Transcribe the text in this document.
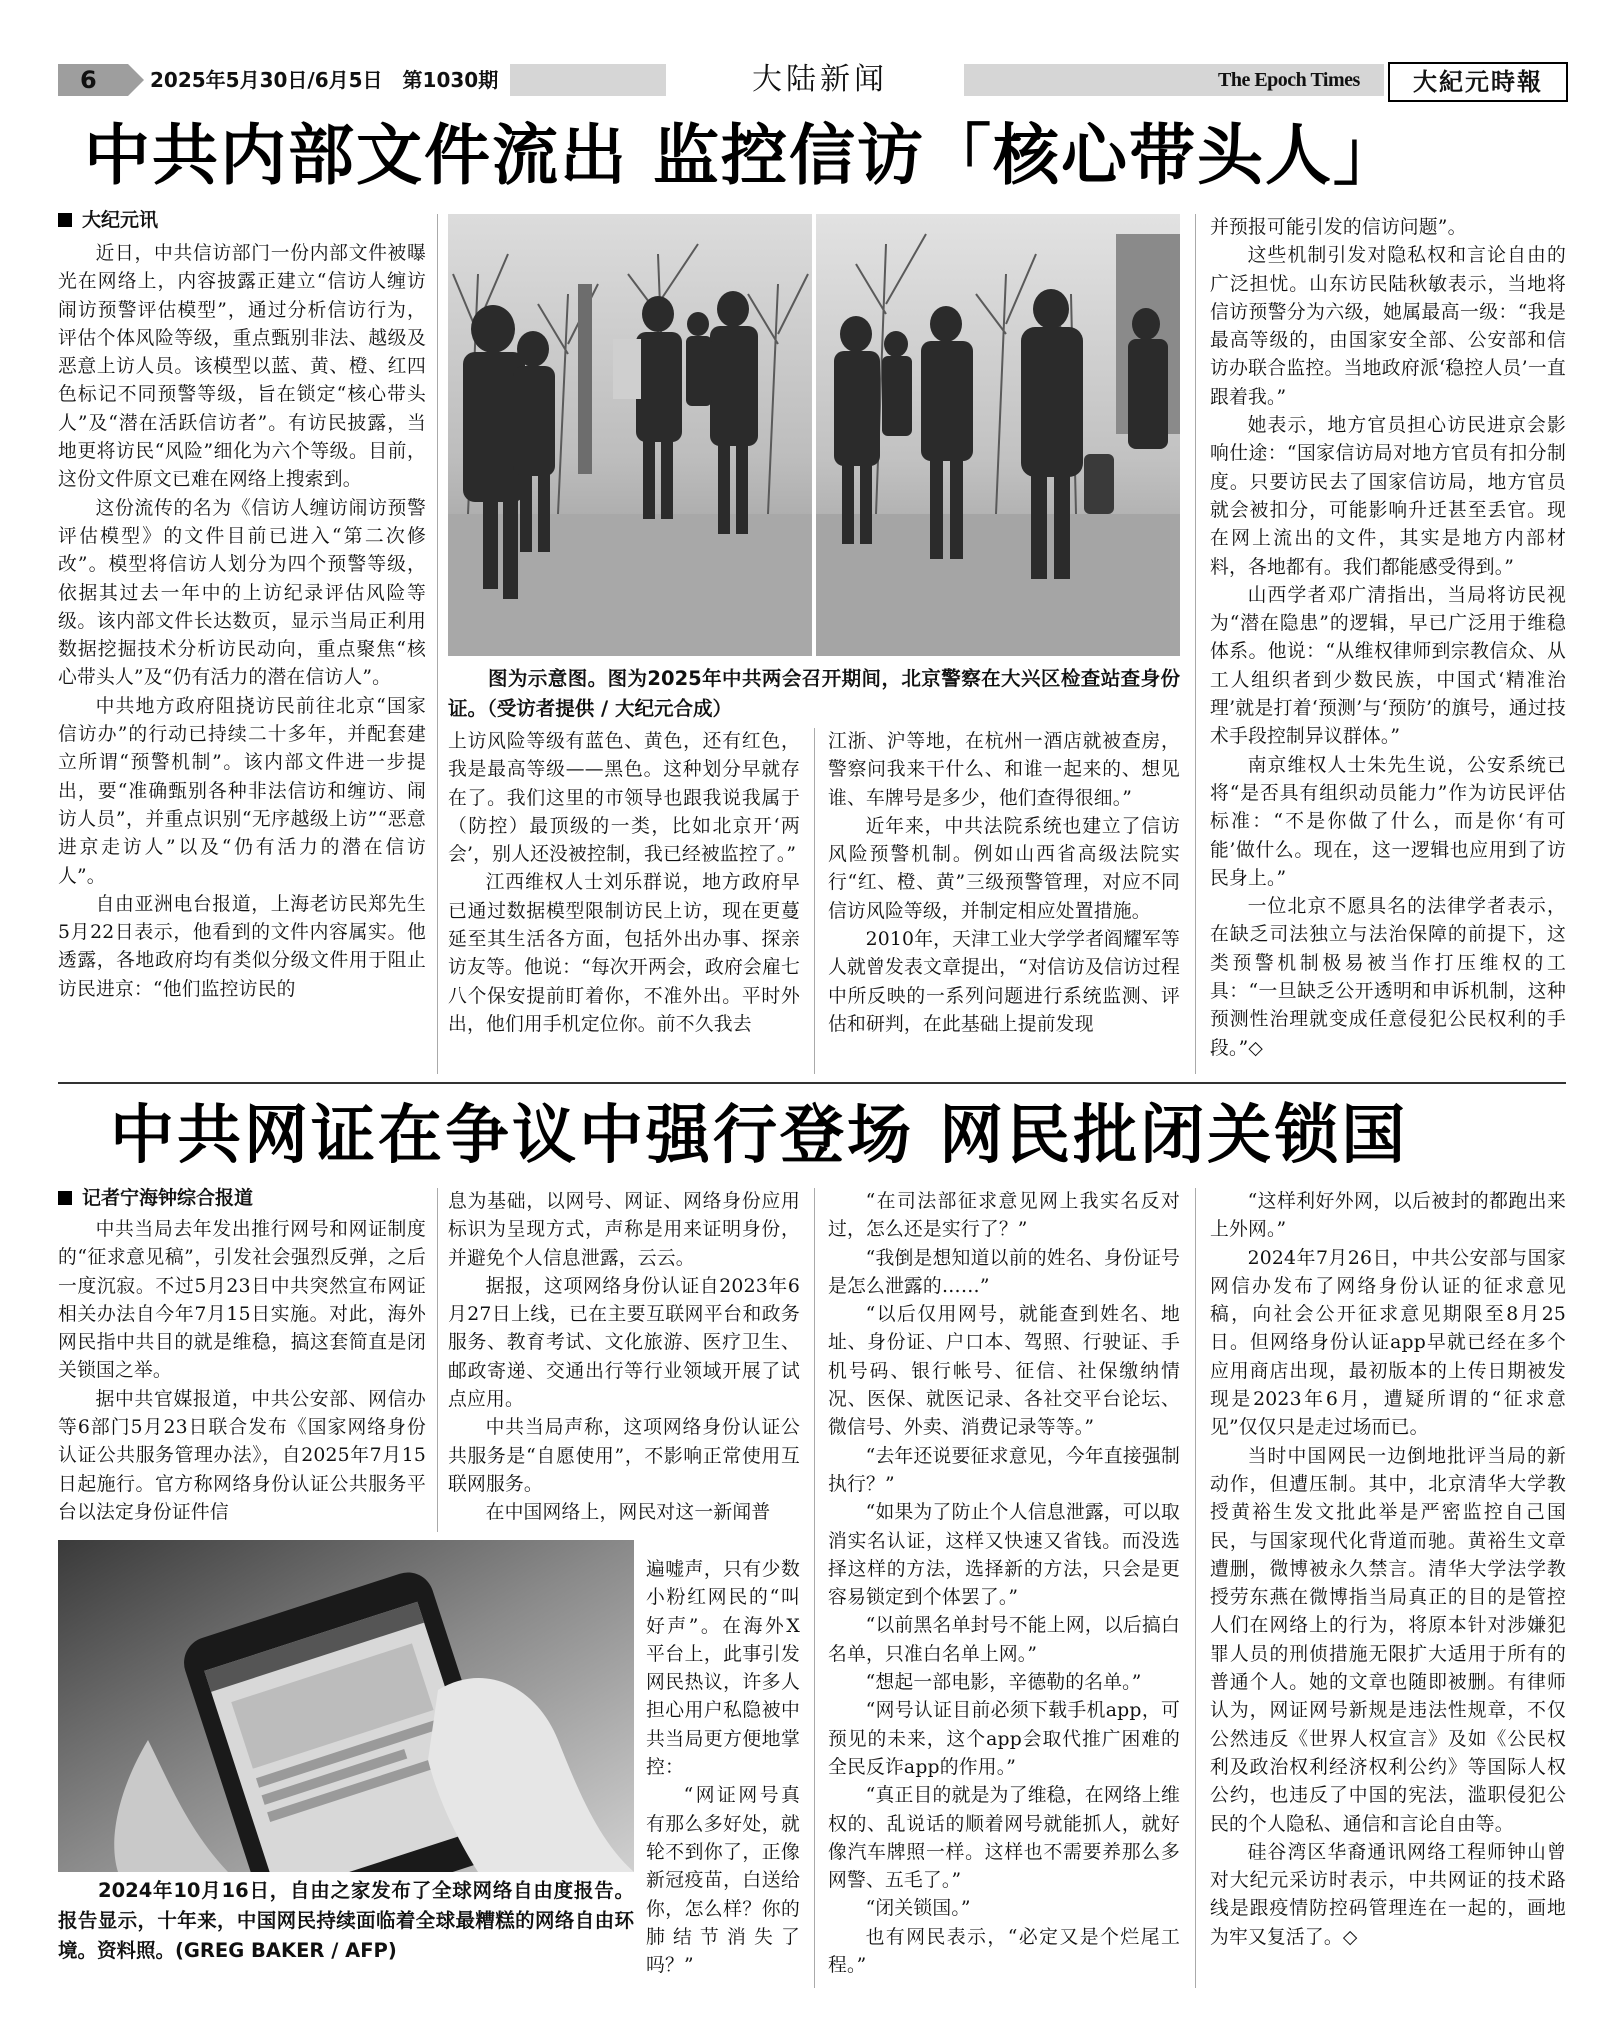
6	2025年5月30日/6月5日　第1030期	大陆新闻	The Epoch Times	大紀元時報
中共内部文件流出 监控信访「核心带头人」
大纪元讯

近日，中共信访部门一份内部文件被曝光在网络上，内容披露正建立“信访人缠访闹访预警评估模型”，通过分析信访行为，评估个体风险等级，重点甄别非法、越级及恶意上访人员。该模型以蓝、黄、橙、红四色标记不同预警等级，旨在锁定“核心带头人”及“潜在活跃信访者”。有访民披露，当地更将访民“风险”细化为六个等级。目前，这份文件原文已难在网络上搜索到。

这份流传的名为《信访人缠访闹访预警评估模型》的文件目前已进入“第二次修改”。模型将信访人划分为四个预警等级，依据其过去一年中的上访纪录评估风险等级。该内部文件长达数页，显示当局正利用数据挖掘技术分析访民动向，重点聚焦“核心带头人”及“仍有活力的潜在信访人”。

中共地方政府阻挠访民前往北京“国家信访办”的行动已持续二十多年，并配套建立所谓“预警机制”。该内部文件进一步提出，要“准确甄别各种非法信访和缠访、闹访人员”，并重点识别“无序越级上访”“恶意进京走访人”以及“仍有活力的潜在信访人”。

自由亚洲电台报道，上海老访民郑先生5月22日表示，他看到的文件内容属实。他透露，各地政府均有类似分级文件用于阻止访民进京：“他们监控访民的

图为示意图。图为2025年中共两会召开期间，北京警察在大兴区检查站查身份证。（受访者提供 / 大纪元合成）

上访风险等级有蓝色、黄色，还有红色，我是最高等级——黑色。这种划分早就存在了。我们这里的市领导也跟我说我属于（防控）最顶级的一类，比如北京开‘两会’，别人还没被控制，我已经被监控了。”

江西维权人士刘乐群说，地方政府早已通过数据模型限制访民上访，现在更蔓延至其生活各方面，包括外出办事、探亲访友等。他说：“每次开两会，政府会雇七八个保安提前盯着你，不准外出。平时外出，他们用手机定位你。前不久我去

江浙、沪等地，在杭州一酒店就被查房，警察问我来干什么、和谁一起来的、想见谁、车牌号是多少，他们查得很细。”

近年来，中共法院系统也建立了信访风险预警机制。例如山西省高级法院实行“红、橙、黄”三级预警管理，对应不同信访风险等级，并制定相应处置措施。

2010年，天津工业大学学者阎耀军等人就曾发表文章提出，“对信访及信访过程中所反映的一系列问题进行系统监测、评估和研判，在此基础上提前发现

并预报可能引发的信访问题”。

这些机制引发对隐私权和言论自由的广泛担忧。山东访民陆秋敏表示，当地将信访预警分为六级，她属最高一级：“我是最高等级的，由国家安全部、公安部和信访办联合监控。当地政府派‘稳控人员’一直跟着我。”

她表示，地方官员担心访民进京会影响仕途：“国家信访局对地方官员有扣分制度。只要访民去了国家信访局，地方官员就会被扣分，可能影响升迁甚至丢官。现在网上流出的文件，其实是地方内部材料，各地都有。我们都能感受得到。”

山西学者邓广清指出，当局将访民视为“潜在隐患”的逻辑，早已广泛用于维稳体系。他说：“从维权律师到宗教信众、从工人组织者到少数民族，中国式‘精准治理’就是打着‘预测’与‘预防’的旗号，通过技术手段控制异议群体。”

南京维权人士朱先生说，公安系统已将“是否具有组织动员能力”作为访民评估标准：“不是你做了什么，而是你‘有可能’做什么。现在，这一逻辑也应用到了访民身上。”

一位北京不愿具名的法律学者表示，在缺乏司法独立与法治保障的前提下，这类预警机制极易被当作打压维权的工具：“一旦缺乏公开透明和申诉机制，这种预测性治理就变成任意侵犯公民权利的手段。”◇

中共网证在争议中强行登场 网民批闭关锁国
记者宁海钟综合报道

中共当局去年发出推行网号和网证制度的“征求意见稿”，引发社会强烈反弹，之后一度沉寂。不过5月23日中共突然宣布网证相关办法自今年7月15日实施。对此，海外网民指中共目的就是维稳，搞这套简直是闭关锁国之举。

据中共官媒报道，中共公安部、网信办等6部门5月23日联合发布《国家网络身份认证公共服务管理办法》，自2025年7月15日起施行。官方称网络身份认证公共服务平台以法定身份证件信

息为基础，以网号、网证、网络身份应用标识为呈现方式，声称是用来证明身份，并避免个人信息泄露，云云。

据报，这项网络身份认证自2023年6月27日上线，已在主要互联网平台和政务服务、教育考试、文化旅游、医疗卫生、邮政寄递、交通出行等行业领域开展了试点应用。

中共当局声称，这项网络身份认证公共服务是“自愿使用”，不影响正常使用互联网服务。

在中国网络上，网民对这一新闻普

遍嘘声，只有少数小粉红网民的“叫好声”。在海外X平台上，此事引发网民热议，许多人担心用户私隐被中共当局更方便地掌控：

“网证网号真有那么多好处，就轮不到你了，正像新冠疫苗，白送给你，怎么样？你的肺结节消失了吗？”

2024年10月16日，自由之家发布了全球网络自由度报告。报告显示，十年来，中国网民持续面临着全球最糟糕的网络自由环境。资料照。(GREG BAKER / AFP)

“在司法部征求意见网上我实名反对过，怎么还是实行了？”

“我倒是想知道以前的姓名、身份证号是怎么泄露的……”

“以后仅用网号，就能查到姓名、地址、身份证、户口本、驾照、行驶证、手机号码、银行帐号、征信、社保缴纳情况、医保、就医记录、各社交平台论坛、微信号、外卖、消费记录等等。”

“去年还说要征求意见，今年直接强制执行？”

“如果为了防止个人信息泄露，可以取消实名认证，这样又快速又省钱。而没选择这样的方法，选择新的方法，只会是更容易锁定到个体罢了。”

“以前黑名单封号不能上网，以后搞白名单，只准白名单上网。”

“想起一部电影，辛德勒的名单。”

“网号认证目前必须下载手机app，可预见的未来，这个app会取代推广困难的全民反诈app的作用。”

“真正目的就是为了维稳，在网络上维权的、乱说话的顺着网号就能抓人，就好像汽车牌照一样。这样也不需要养那么多网警、五毛了。”

“闭关锁国。”

也有网民表示，“必定又是个烂尾工程。”

“这样利好外网，以后被封的都跑出来上外网。”

2024年7月26日，中共公安部与国家网信办发布了网络身份认证的征求意见稿，向社会公开征求意见期限至8月25日。但网络身份认证app早就已经在多个应用商店出现，最初版本的上传日期被发现是2023年6月，遭疑所谓的“征求意见”仅仅只是走过场而已。

当时中国网民一边倒地批评当局的新动作，但遭压制。其中，北京清华大学教授黄裕生发文批此举是严密监控自己国民，与国家现代化背道而驰。黄裕生文章遭删，微博被永久禁言。清华大学法学教授劳东燕在微博指当局真正的目的是管控人们在网络上的行为，将原本针对涉嫌犯罪人员的刑侦措施无限扩大适用于所有的普通个人。她的文章也随即被删。有律师认为，网证网号新规是违法性规章，不仅公然违反《世界人权宣言》及如《公民权利及政治权利经济权利公约》等国际人权公约，也违反了中国的宪法，滥职侵犯公民的个人隐私、通信和言论自由等。

硅谷湾区华裔通讯网络工程师钟山曾对大纪元采访时表示，中共网证的技术路线是跟疫情防控码管理连在一起的，画地为牢又复活了。◇
